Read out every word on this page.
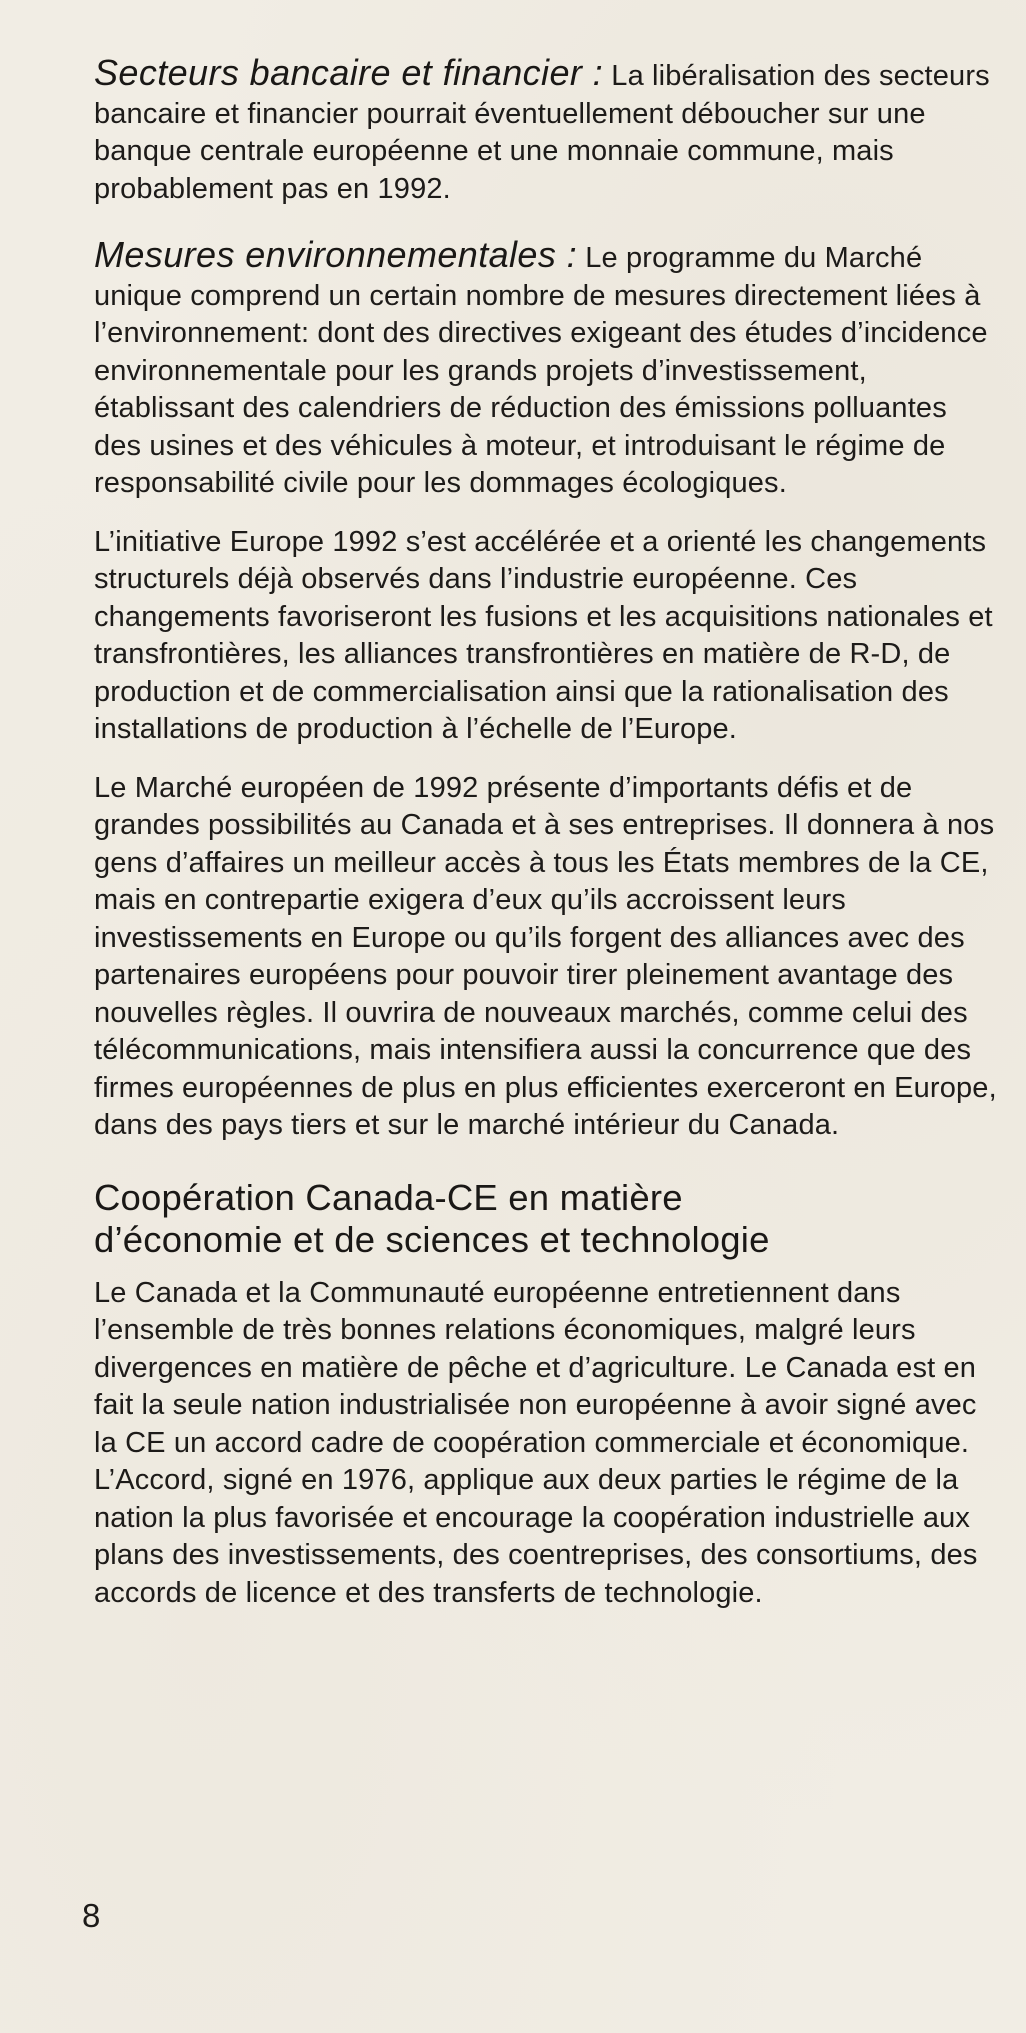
Secteurs bancaire et financier : La libéralisation des secteurs bancaire et financier pourrait éventuellement déboucher sur une banque centrale européenne et une monnaie commune, mais probablement pas en 1992.

Mesures environnementales : Le programme du Marché unique comprend un certain nombre de mesures directement liées à l’environnement: dont des directives exigeant des études d’incidence environnementale pour les grands projets d’investissement, établissant des calendriers de réduction des émissions polluantes des usines et des véhicules à moteur, et introduisant le régime de responsabilité civile pour les dommages écologiques.

L’initiative Europe 1992 s’est accélérée et a orienté les changements structurels déjà observés dans l’industrie européenne. Ces changements favoriseront les fusions et les acquisitions nationales et transfrontières, les alliances transfrontières en matière de R-D, de production et de commercialisation ainsi que la rationalisation des installations de production à l’échelle de l’Europe.

Le Marché européen de 1992 présente d’importants défis et de grandes possibilités au Canada et à ses entreprises. Il donnera à nos gens d’affaires un meilleur accès à tous les États membres de la CE, mais en contrepartie exigera d’eux qu’ils accroissent leurs investissements en Europe ou qu’ils forgent des alliances avec des partenaires européens pour pouvoir tirer pleinement avantage des nouvelles règles. Il ouvrira de nouveaux marchés, comme celui des télécommunications, mais intensifiera aussi la concurrence que des firmes européennes de plus en plus efficientes exerceront en Europe, dans des pays tiers et sur le marché intérieur du Canada.

Coopération Canada-CE en matière
d’économie et de sciences et technologie

Le Canada et la Communauté européenne entretiennent dans l’ensemble de très bonnes relations économiques, malgré leurs divergences en matière de pêche et d’agriculture. Le Canada est en fait la seule nation industrialisée non européenne à avoir signé avec la CE un accord cadre de coopération commerciale et économique. L’Accord, signé en 1976, applique aux deux parties le régime de la nation la plus favorisée et encourage la coopération industrielle aux plans des investissements, des coentreprises, des consortiums, des accords de licence et des transferts de technologie.

8
